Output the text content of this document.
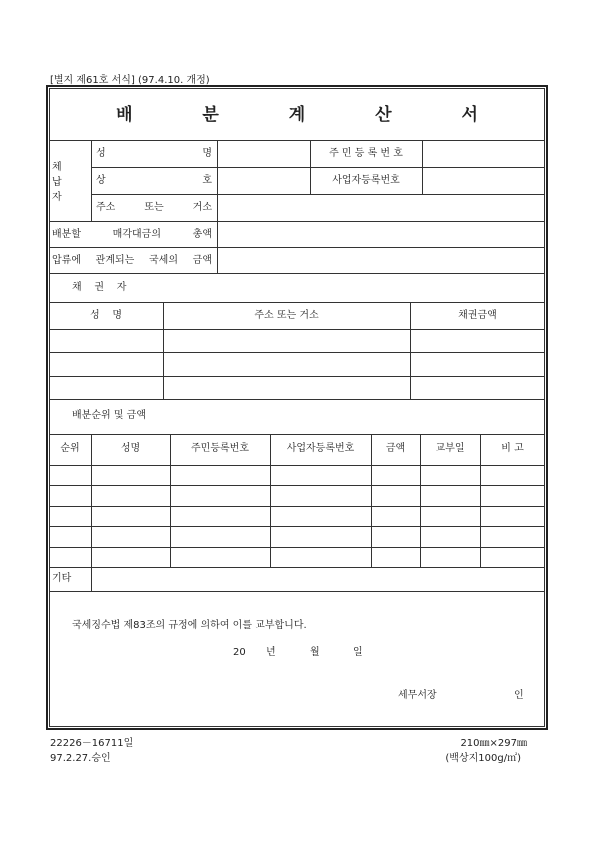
[별지 제61호 서식] (97.4.10. 개정)
배 분 계 산 서
체
납
자
성          명	주 민 등 록 번 호
상          호	사업자등록번호
주소   또는   거소
배분할    매각대금의    총액
압류에  관계되는  국세의  금액
채    권    자
성    명	주소 또는 거소	채권금액
배분순위 및 금액
순위	성명	주민등록번호	사업자등록번호	금액	교부일	비 고
기타
국세징수법 제83조의 규정에 의하여 이를 교부합니다.
20 년	월	일
세무서장	인
22226－16711일
97.2.27.승인
210㎜×297㎜
(백상지100g/㎡)
